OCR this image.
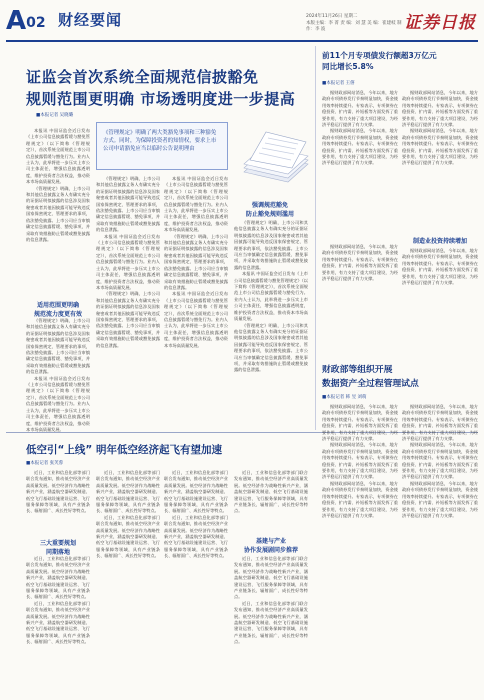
A02 财经要闻	2024年11月26日 星期二
本版主编：李 菁 责 编：刘 慧 美 编：崔建岐 制 作：李 波	证券日报
证监会首次系统全面规范信披豁免
规则范围更明确 市场透明度进一步提高
■本报记者 吴晓璐
《管理规定》明确了两大类豁免事项和三种豁免方式。同时，为保障投资者的知情权，要求上市公司申请豁免应当以临时公告说明理由

本报讯 中国证监会近日发布《上市公司信息披露暂缓与豁免管理规定》（以下简称《管理规定》），首次系统全面规范上市公司信息披露暂缓与豁免行为。业内人士认为，此举将进一步压实上市公司主体责任，增强信息披露透明度，维护投资者合法权益，推动资本市场高质量发展。

《管理规定》明确，上市公司和其他信息披露义务人有确实充分的证据证明拟披露的信息涉及国家秘密或者其他因披露可能导致违反国家保密规定、管理要求的事项，依法豁免披露。上市公司应当审慎确定信息披露暂缓、豁免事项，并采取有效措施防止暂缓或豁免披露的信息泄露。

适用范围更明确
规范流力度更有效

《管理规定》明确，上市公司和其他信息披露义务人有确实充分的证据证明拟披露的信息涉及国家秘密或者其他因披露可能导致违反国家保密规定、管理要求的事项，依法豁免披露。上市公司应当审慎确定信息披露暂缓、豁免事项，并采取有效措施防止暂缓或豁免披露的信息泄露。

本报讯 中国证监会近日发布《上市公司信息披露暂缓与豁免管理规定》（以下简称《管理规定》），首次系统全面规范上市公司信息披露暂缓与豁免行为。业内人士认为，此举将进一步压实上市公司主体责任，增强信息披露透明度，维护投资者合法权益，推动资本市场高质量发展。

《管理规定》明确，上市公司和其他信息披露义务人有确实充分的证据证明拟披露的信息涉及国家秘密或者其他因披露可能导致违反国家保密规定、管理要求的事项，依法豁免披露。上市公司应当审慎确定信息披露暂缓、豁免事项，并采取有效措施防止暂缓或豁免披露的信息泄露。

本报讯 中国证监会近日发布《上市公司信息披露暂缓与豁免管理规定》（以下简称《管理规定》），首次系统全面规范上市公司信息披露暂缓与豁免行为。业内人士认为，此举将进一步压实上市公司主体责任，增强信息披露透明度，维护投资者合法权益，推动资本市场高质量发展。

《管理规定》明确，上市公司和其他信息披露义务人有确实充分的证据证明拟披露的信息涉及国家秘密或者其他因披露可能导致违反国家保密规定、管理要求的事项，依法豁免披露。上市公司应当审慎确定信息披露暂缓、豁免事项，并采取有效措施防止暂缓或豁免披露的信息泄露。

本报讯 中国证监会近日发布《上市公司信息披露暂缓与豁免管理规定》（以下简称《管理规定》），首次系统全面规范上市公司信息披露暂缓与豁免行为。业内人士认为，此举将进一步压实上市公司主体责任，增强信息披露透明度，维护投资者合法权益，推动资本市场高质量发展。

《管理规定》明确，上市公司和其他信息披露义务人有确实充分的证据证明拟披露的信息涉及国家秘密或者其他因披露可能导致违反国家保密规定、管理要求的事项，依法豁免披露。上市公司应当审慎确定信息披露暂缓、豁免事项，并采取有效措施防止暂缓或豁免披露的信息泄露。

本报讯 中国证监会近日发布《上市公司信息披露暂缓与豁免管理规定》（以下简称《管理规定》），首次系统全面规范上市公司信息披露暂缓与豁免行为。业内人士认为，此举将进一步压实上市公司主体责任，增强信息披露透明度，维护投资者合法权益，推动资本市场高质量发展。

强调规范豁免
防止豁免规则滥用

《管理规定》明确，上市公司和其他信息披露义务人有确实充分的证据证明拟披露的信息涉及国家秘密或者其他因披露可能导致违反国家保密规定、管理要求的事项，依法豁免披露。上市公司应当审慎确定信息披露暂缓、豁免事项，并采取有效措施防止暂缓或豁免披露的信息泄露。

本报讯 中国证监会近日发布《上市公司信息披露暂缓与豁免管理规定》（以下简称《管理规定》），首次系统全面规范上市公司信息披露暂缓与豁免行为。业内人士认为，此举将进一步压实上市公司主体责任，增强信息披露透明度，维护投资者合法权益，推动资本市场高质量发展。

《管理规定》明确，上市公司和其他信息披露义务人有确实充分的证据证明拟披露的信息涉及国家秘密或者其他因披露可能导致违反国家保密规定、管理要求的事项，依法豁免披露。上市公司应当审慎确定信息披露暂缓、豁免事项，并采取有效措施防止暂缓或豁免披露的信息泄露。

前11个月专项债发行额超3万亿元
同比增长5.8%
■本报记者 王僖

据财政部网站消息，今年以来，地方政府专项债券发行节奏明显加快，资金使用效率持续提升。专家表示，专项债券在稳投资、扩内需、补短板等方面发挥了重要作用，有力支持了重大项目建设，为经济平稳运行提供了有力支撑。

据财政部网站消息，今年以来，地方政府专项债券发行节奏明显加快，资金使用效率持续提升。专家表示，专项债券在稳投资、扩内需、补短板等方面发挥了重要作用，有力支持了重大项目建设，为经济平稳运行提供了有力支撑。

据财政部网站消息，今年以来，地方政府专项债券发行节奏明显加快，资金使用效率持续提升。专家表示，专项债券在稳投资、扩内需、补短板等方面发挥了重要作用，有力支持了重大项目建设，为经济平稳运行提供了有力支撑。

据财政部网站消息，今年以来，地方政府专项债券发行节奏明显加快，资金使用效率持续提升。专家表示，专项债券在稳投资、扩内需、补短板等方面发挥了重要作用，有力支持了重大项目建设，为经济平稳运行提供了有力支撑。

制造业投资持续增加

据财政部网站消息，今年以来，地方政府专项债券发行节奏明显加快，资金使用效率持续提升。专家表示，专项债券在稳投资、扩内需、补短板等方面发挥了重要作用，有力支持了重大项目建设，为经济平稳运行提供了有力支撑。

据财政部网站消息，今年以来，地方政府专项债券发行节奏明显加快，资金使用效率持续提升。专家表示，专项债券在稳投资、扩内需、补短板等方面发挥了重要作用，有力支持了重大项目建设，为经济平稳运行提供了有力支撑。

财政部等组织开展
数据资产全过程管理试点
■本报记者 韩 昱 刘萌
低空引“上线” 明年低空经济起飞有望加速
■本报记者 张芙蓉

近日，工业和信息化部等部门联合发布通知，推动低空经济产业高质量发展。低空经济作为战略性新兴产业，涵盖航空器研发制造、低空飞行基础设施建设运营、飞行服务保障等领域，具有产业链条长、辐射面广、成长性好等特点。

三大重要规划
同期落地

近日，工业和信息化部等部门联合发布通知，推动低空经济产业高质量发展。低空经济作为战略性新兴产业，涵盖航空器研发制造、低空飞行基础设施建设运营、飞行服务保障等领域，具有产业链条长、辐射面广、成长性好等特点。

近日，工业和信息化部等部门联合发布通知，推动低空经济产业高质量发展。低空经济作为战略性新兴产业，涵盖航空器研发制造、低空飞行基础设施建设运营、飞行服务保障等领域，具有产业链条长、辐射面广、成长性好等特点。

近日，工业和信息化部等部门联合发布通知，推动低空经济产业高质量发展。低空经济作为战略性新兴产业，涵盖航空器研发制造、低空飞行基础设施建设运营、飞行服务保障等领域，具有产业链条长、辐射面广、成长性好等特点。

近日，工业和信息化部等部门联合发布通知，推动低空经济产业高质量发展。低空经济作为战略性新兴产业，涵盖航空器研发制造、低空飞行基础设施建设运营、飞行服务保障等领域，具有产业链条长、辐射面广、成长性好等特点。

近日，工业和信息化部等部门联合发布通知，推动低空经济产业高质量发展。低空经济作为战略性新兴产业，涵盖航空器研发制造、低空飞行基础设施建设运营、飞行服务保障等领域，具有产业链条长、辐射面广、成长性好等特点。

近日，工业和信息化部等部门联合发布通知，推动低空经济产业高质量发展。低空经济作为战略性新兴产业，涵盖航空器研发制造、低空飞行基础设施建设运营、飞行服务保障等领域，具有产业链条长、辐射面广、成长性好等特点。

近日，工业和信息化部等部门联合发布通知，推动低空经济产业高质量发展。低空经济作为战略性新兴产业，涵盖航空器研发制造、低空飞行基础设施建设运营、飞行服务保障等领域，具有产业链条长、辐射面广、成长性好等特点。

基建与产业
协作发展剧同步推荐

近日，工业和信息化部等部门联合发布通知，推动低空经济产业高质量发展。低空经济作为战略性新兴产业，涵盖航空器研发制造、低空飞行基础设施建设运营、飞行服务保障等领域，具有产业链条长、辐射面广、成长性好等特点。

近日，工业和信息化部等部门联合发布通知，推动低空经济产业高质量发展。低空经济作为战略性新兴产业，涵盖航空器研发制造、低空飞行基础设施建设运营、飞行服务保障等领域，具有产业链条长、辐射面广、成长性好等特点。

据财政部网站消息，今年以来，地方政府专项债券发行节奏明显加快，资金使用效率持续提升。专家表示，专项债券在稳投资、扩内需、补短板等方面发挥了重要作用，有力支持了重大项目建设，为经济平稳运行提供了有力支撑。

据财政部网站消息，今年以来，地方政府专项债券发行节奏明显加快，资金使用效率持续提升。专家表示，专项债券在稳投资、扩内需、补短板等方面发挥了重要作用，有力支持了重大项目建设，为经济平稳运行提供了有力支撑。

据财政部网站消息，今年以来，地方政府专项债券发行节奏明显加快，资金使用效率持续提升。专家表示，专项债券在稳投资、扩内需、补短板等方面发挥了重要作用，有力支持了重大项目建设，为经济平稳运行提供了有力支撑。

据财政部网站消息，今年以来，地方政府专项债券发行节奏明显加快，资金使用效率持续提升。专家表示，专项债券在稳投资、扩内需、补短板等方面发挥了重要作用，有力支持了重大项目建设，为经济平稳运行提供了有力支撑。

据财政部网站消息，今年以来，地方政府专项债券发行节奏明显加快，资金使用效率持续提升。专家表示，专项债券在稳投资、扩内需、补短板等方面发挥了重要作用，有力支持了重大项目建设，为经济平稳运行提供了有力支撑。

据财政部网站消息，今年以来，地方政府专项债券发行节奏明显加快，资金使用效率持续提升。专家表示，专项债券在稳投资、扩内需、补短板等方面发挥了重要作用，有力支持了重大项目建设，为经济平稳运行提供了有力支撑。
